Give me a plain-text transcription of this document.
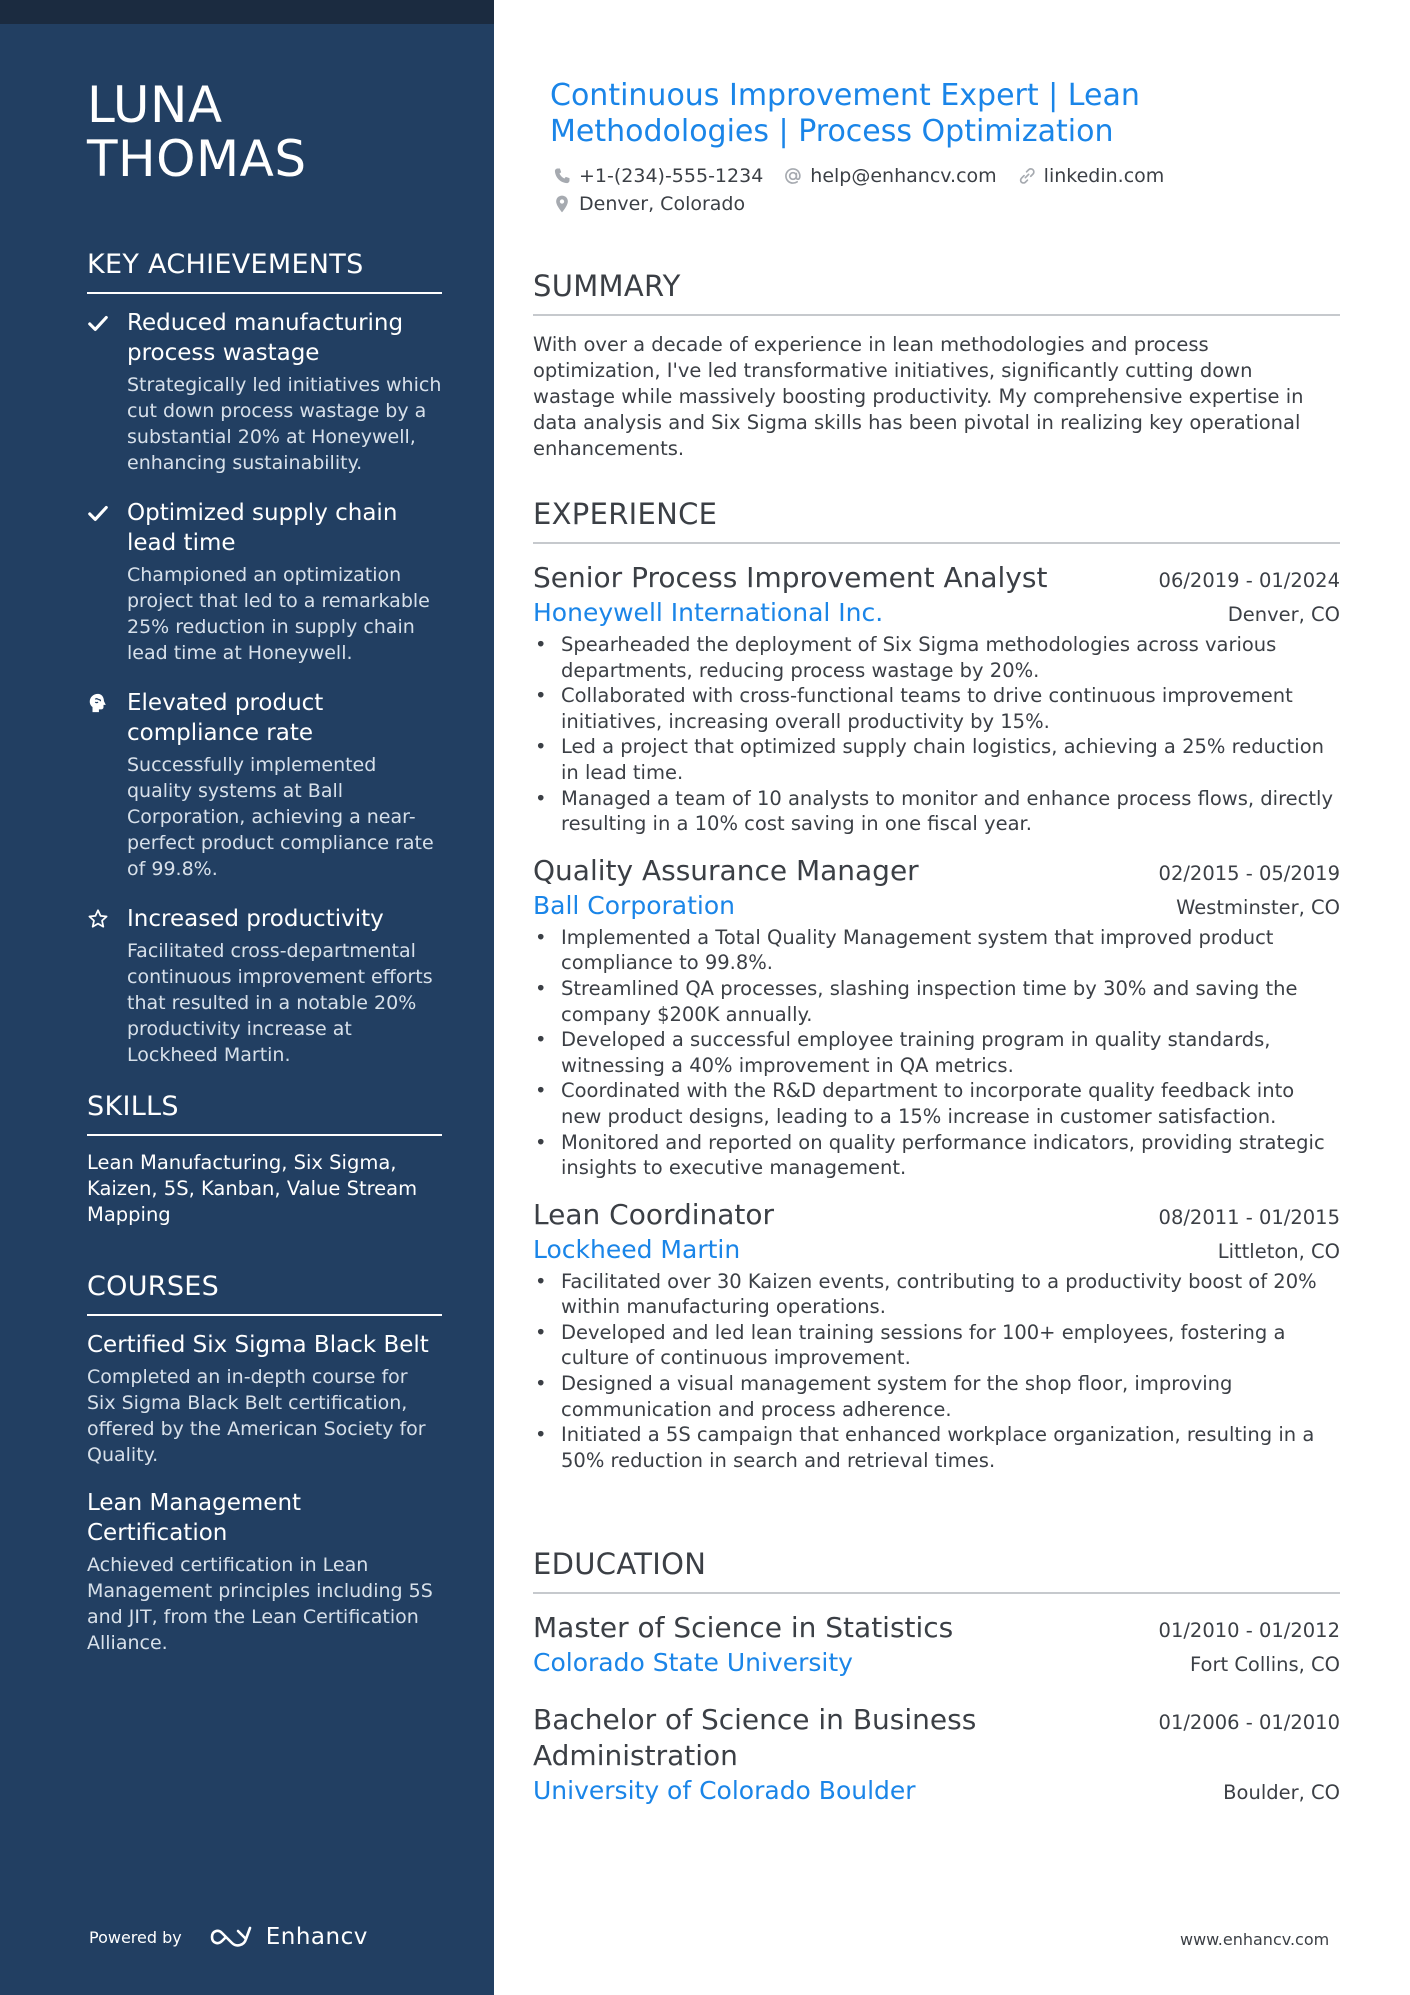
LUNA
THOMAS
KEY ACHIEVEMENTS
Reduced manufacturing process wastage
Strategically led initiatives which cut down process wastage by a substantial 20% at Honeywell, enhancing sustainability.
Optimized supply chain lead time
Championed an optimization project that led to a remarkable 25% reduction in supply chain lead time at Honeywell.
Elevated product compliance rate
Successfully implemented quality systems at Ball Corporation, achieving a near-perfect product compliance rate of 99.8%.
Increased productivity
Facilitated cross-departmental continuous improvement efforts that resulted in a notable 20% productivity increase at Lockheed Martin.
SKILLS
Lean Manufacturing, Six Sigma, Kaizen, 5S, Kanban, Value Stream Mapping
COURSES
Certified Six Sigma Black Belt
Completed an in-depth course for Six Sigma Black Belt certification, offered by the American Society for Quality.
Lean Management Certification
Achieved certification in Lean Management principles including 5S and JIT, from the Lean Certification Alliance.
Powered by	Enhancv
Continuous Improvement Expert | Lean Methodologies | Process Optimization
+1-(234)-555-1234 help@enhancv.com linkedin.com
Denver, Colorado
SUMMARY
With over a decade of experience in lean methodologies and process optimization, I've led transformative initiatives, significantly cutting down wastage while massively boosting productivity. My comprehensive expertise in data analysis and Six Sigma skills has been pivotal in realizing key operational enhancements.
EXPERIENCE
Senior Process Improvement Analyst	06/2019 - 01/2024
Honeywell International Inc.	Denver, CO
• Spearheaded the deployment of Six Sigma methodologies across various departments, reducing process wastage by 20%.
• Collaborated with cross-functional teams to drive continuous improvement initiatives, increasing overall productivity by 15%.
• Led a project that optimized supply chain logistics, achieving a 25% reduction in lead time.
• Managed a team of 10 analysts to monitor and enhance process flows, directly resulting in a 10% cost saving in one fiscal year.
Quality Assurance Manager	02/2015 - 05/2019
Ball Corporation	Westminster, CO
• Implemented a Total Quality Management system that improved product compliance to 99.8%.
• Streamlined QA processes, slashing inspection time by 30% and saving the company $200K annually.
• Developed a successful employee training program in quality standards, witnessing a 40% improvement in QA metrics.
• Coordinated with the R&D department to incorporate quality feedback into new product designs, leading to a 15% increase in customer satisfaction.
• Monitored and reported on quality performance indicators, providing strategic insights to executive management.
Lean Coordinator	08/2011 - 01/2015
Lockheed Martin	Littleton, CO
• Facilitated over 30 Kaizen events, contributing to a productivity boost of 20% within manufacturing operations.
• Developed and led lean training sessions for 100+ employees, fostering a culture of continuous improvement.
• Designed a visual management system for the shop floor, improving communication and process adherence.
• Initiated a 5S campaign that enhanced workplace organization, resulting in a 50% reduction in search and retrieval times.
EDUCATION
Master of Science in Statistics	01/2010 - 01/2012
Colorado State University	Fort Collins, CO
Bachelor of Science in Business Administration
01/2006 - 01/2010
University of Colorado Boulder	Boulder, CO
www.enhancv.com
